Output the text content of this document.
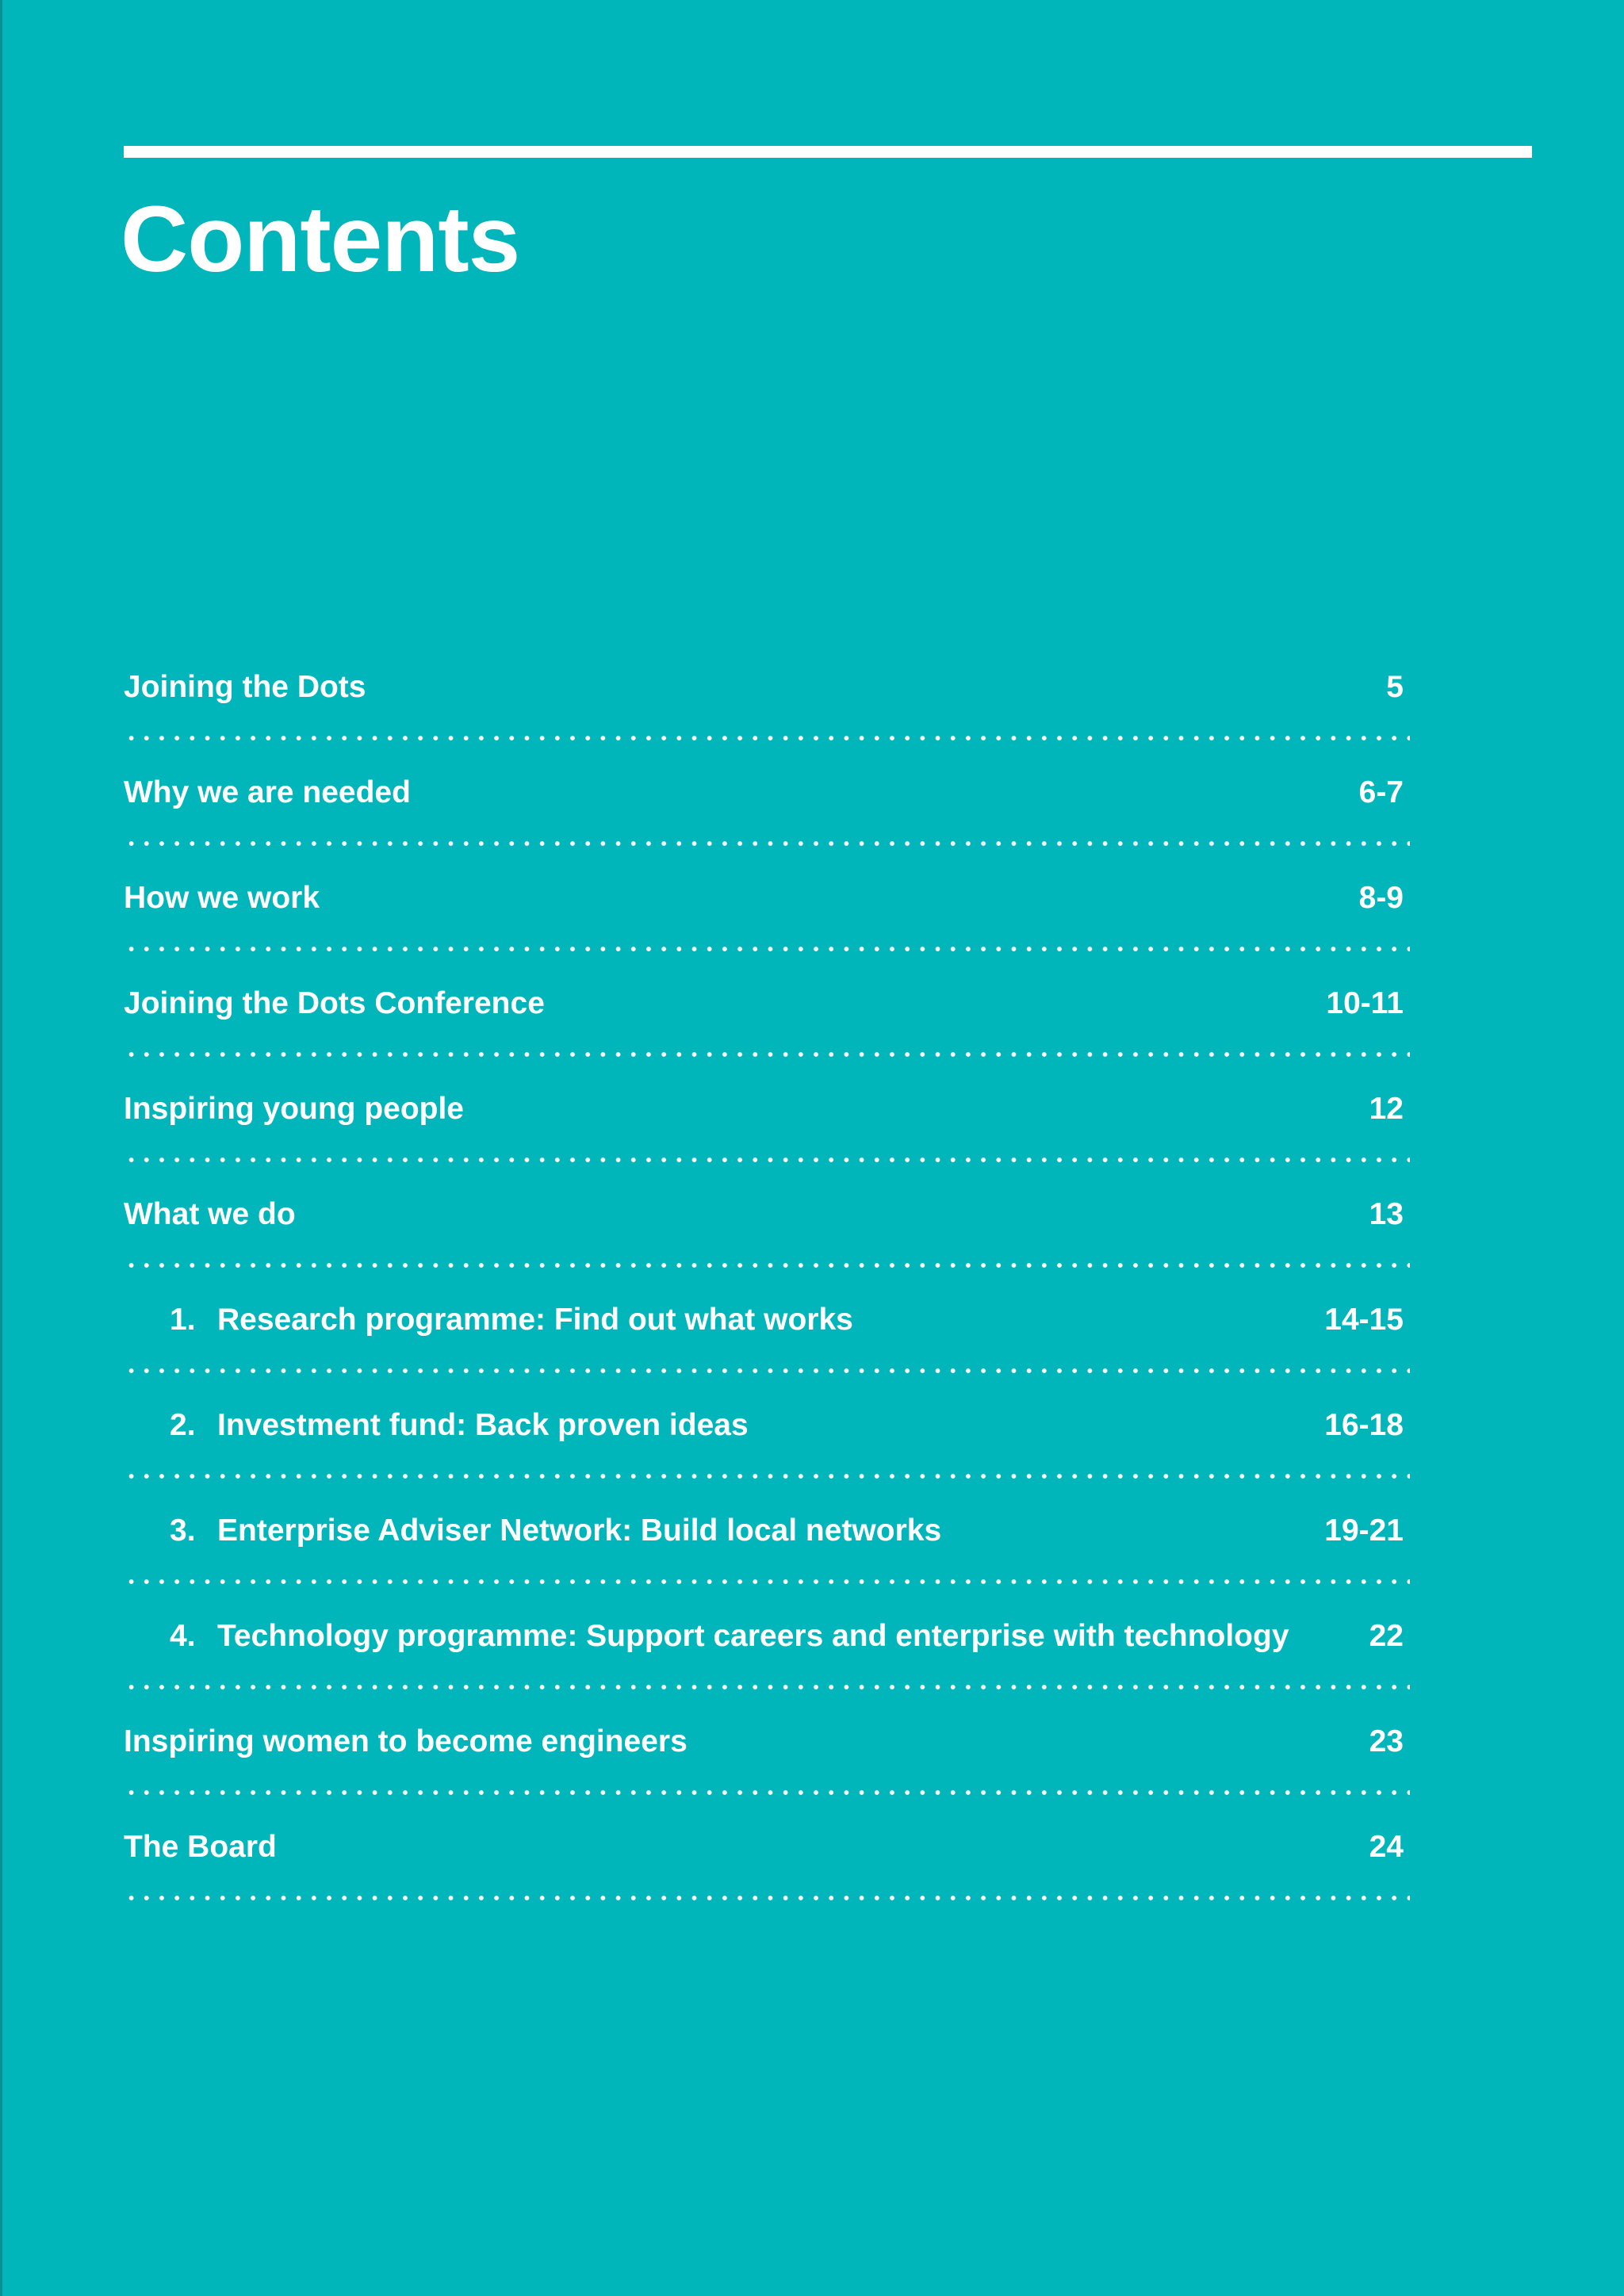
Contents
Joining the Dots	5
Why we are needed	6-7
How we work	8-9
Joining the Dots Conference	10-11
Inspiring young people	12
What we do	13
1. Research programme: Find out what works	14-15
2. Investment fund: Back proven ideas	16-18
3. Enterprise Adviser Network: Build local networks	19-21
4. Technology programme: Support careers and enterprise with technology	22
Inspiring women to become engineers	23
The Board	24
